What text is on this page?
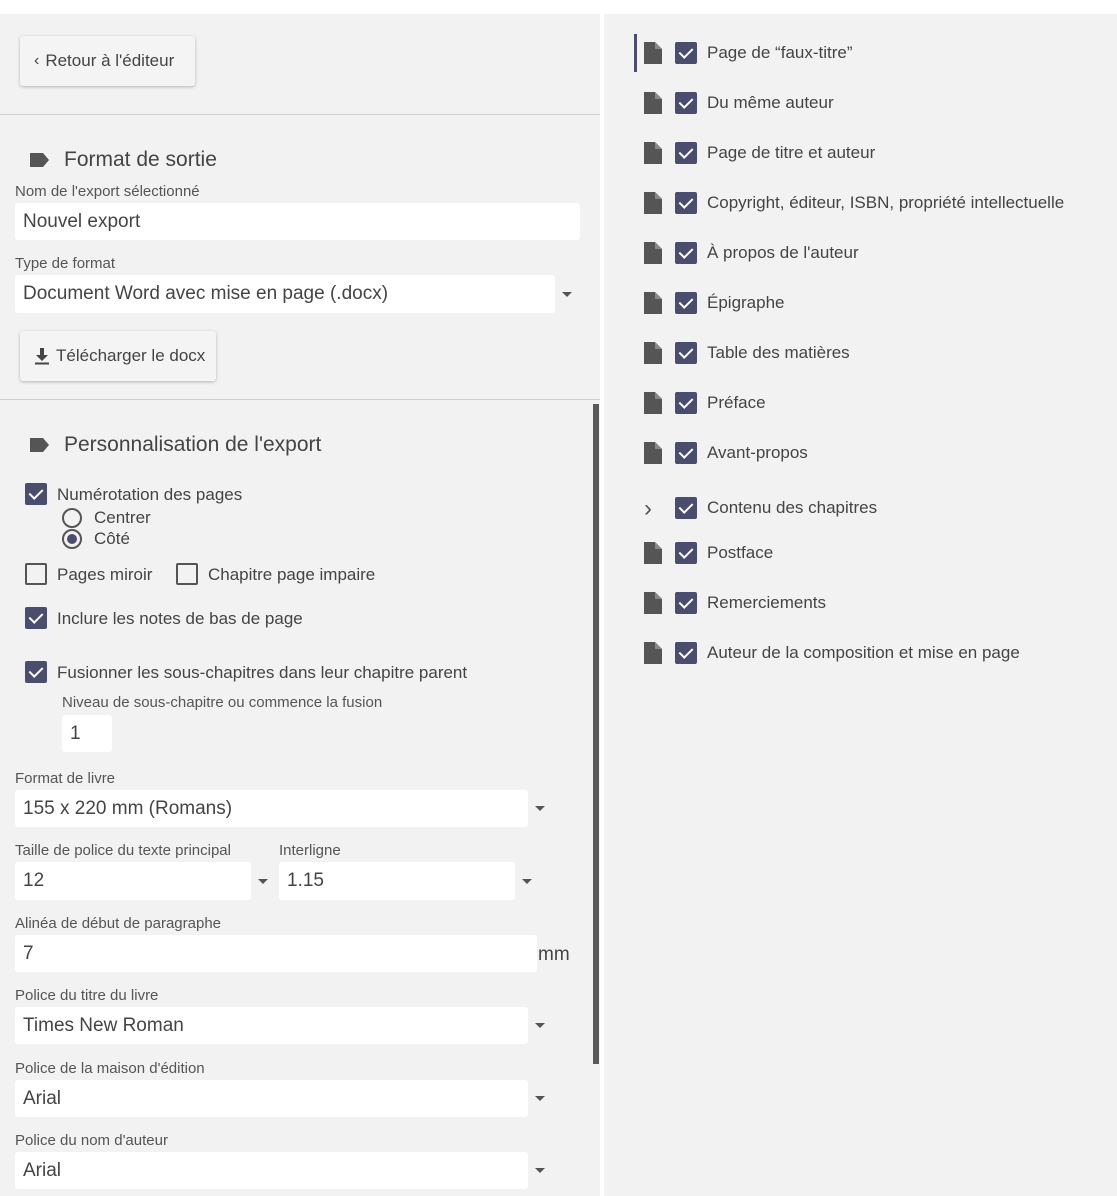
‹ Retour à l'éditeur
Format de sortie
Nom de l'export sélectionné
Nouvel export
Type de format
Document Word avec mise en page (.docx)
Télécharger le docx
Personnalisation de l'export
Numérotation des pages
Centrer
Côté
Pages miroir	Chapitre page impaire
Inclure les notes de bas de page
Fusionner les sous-chapitres dans leur chapitre parent
Niveau de sous-chapitre ou commence la fusion
1
Format de livre
155 x 220 mm (Romans)
Taille de police du texte principal
12
Interligne
1.15
Alinéa de début de paragraphe
7	mm
Police du titre du livre
Times New Roman
Police de la maison d'édition
Arial
Police du nom d'auteur
Arial
Page de “faux-titre”
Du même auteur
Page de titre et auteur
Copyright, éditeur, ISBN, propriété intellectuelle
À propos de l'auteur
Épigraphe
Table des matières
Préface
Avant-propos
›	Contenu des chapitres
Postface
Remerciements
Auteur de la composition et mise en page
